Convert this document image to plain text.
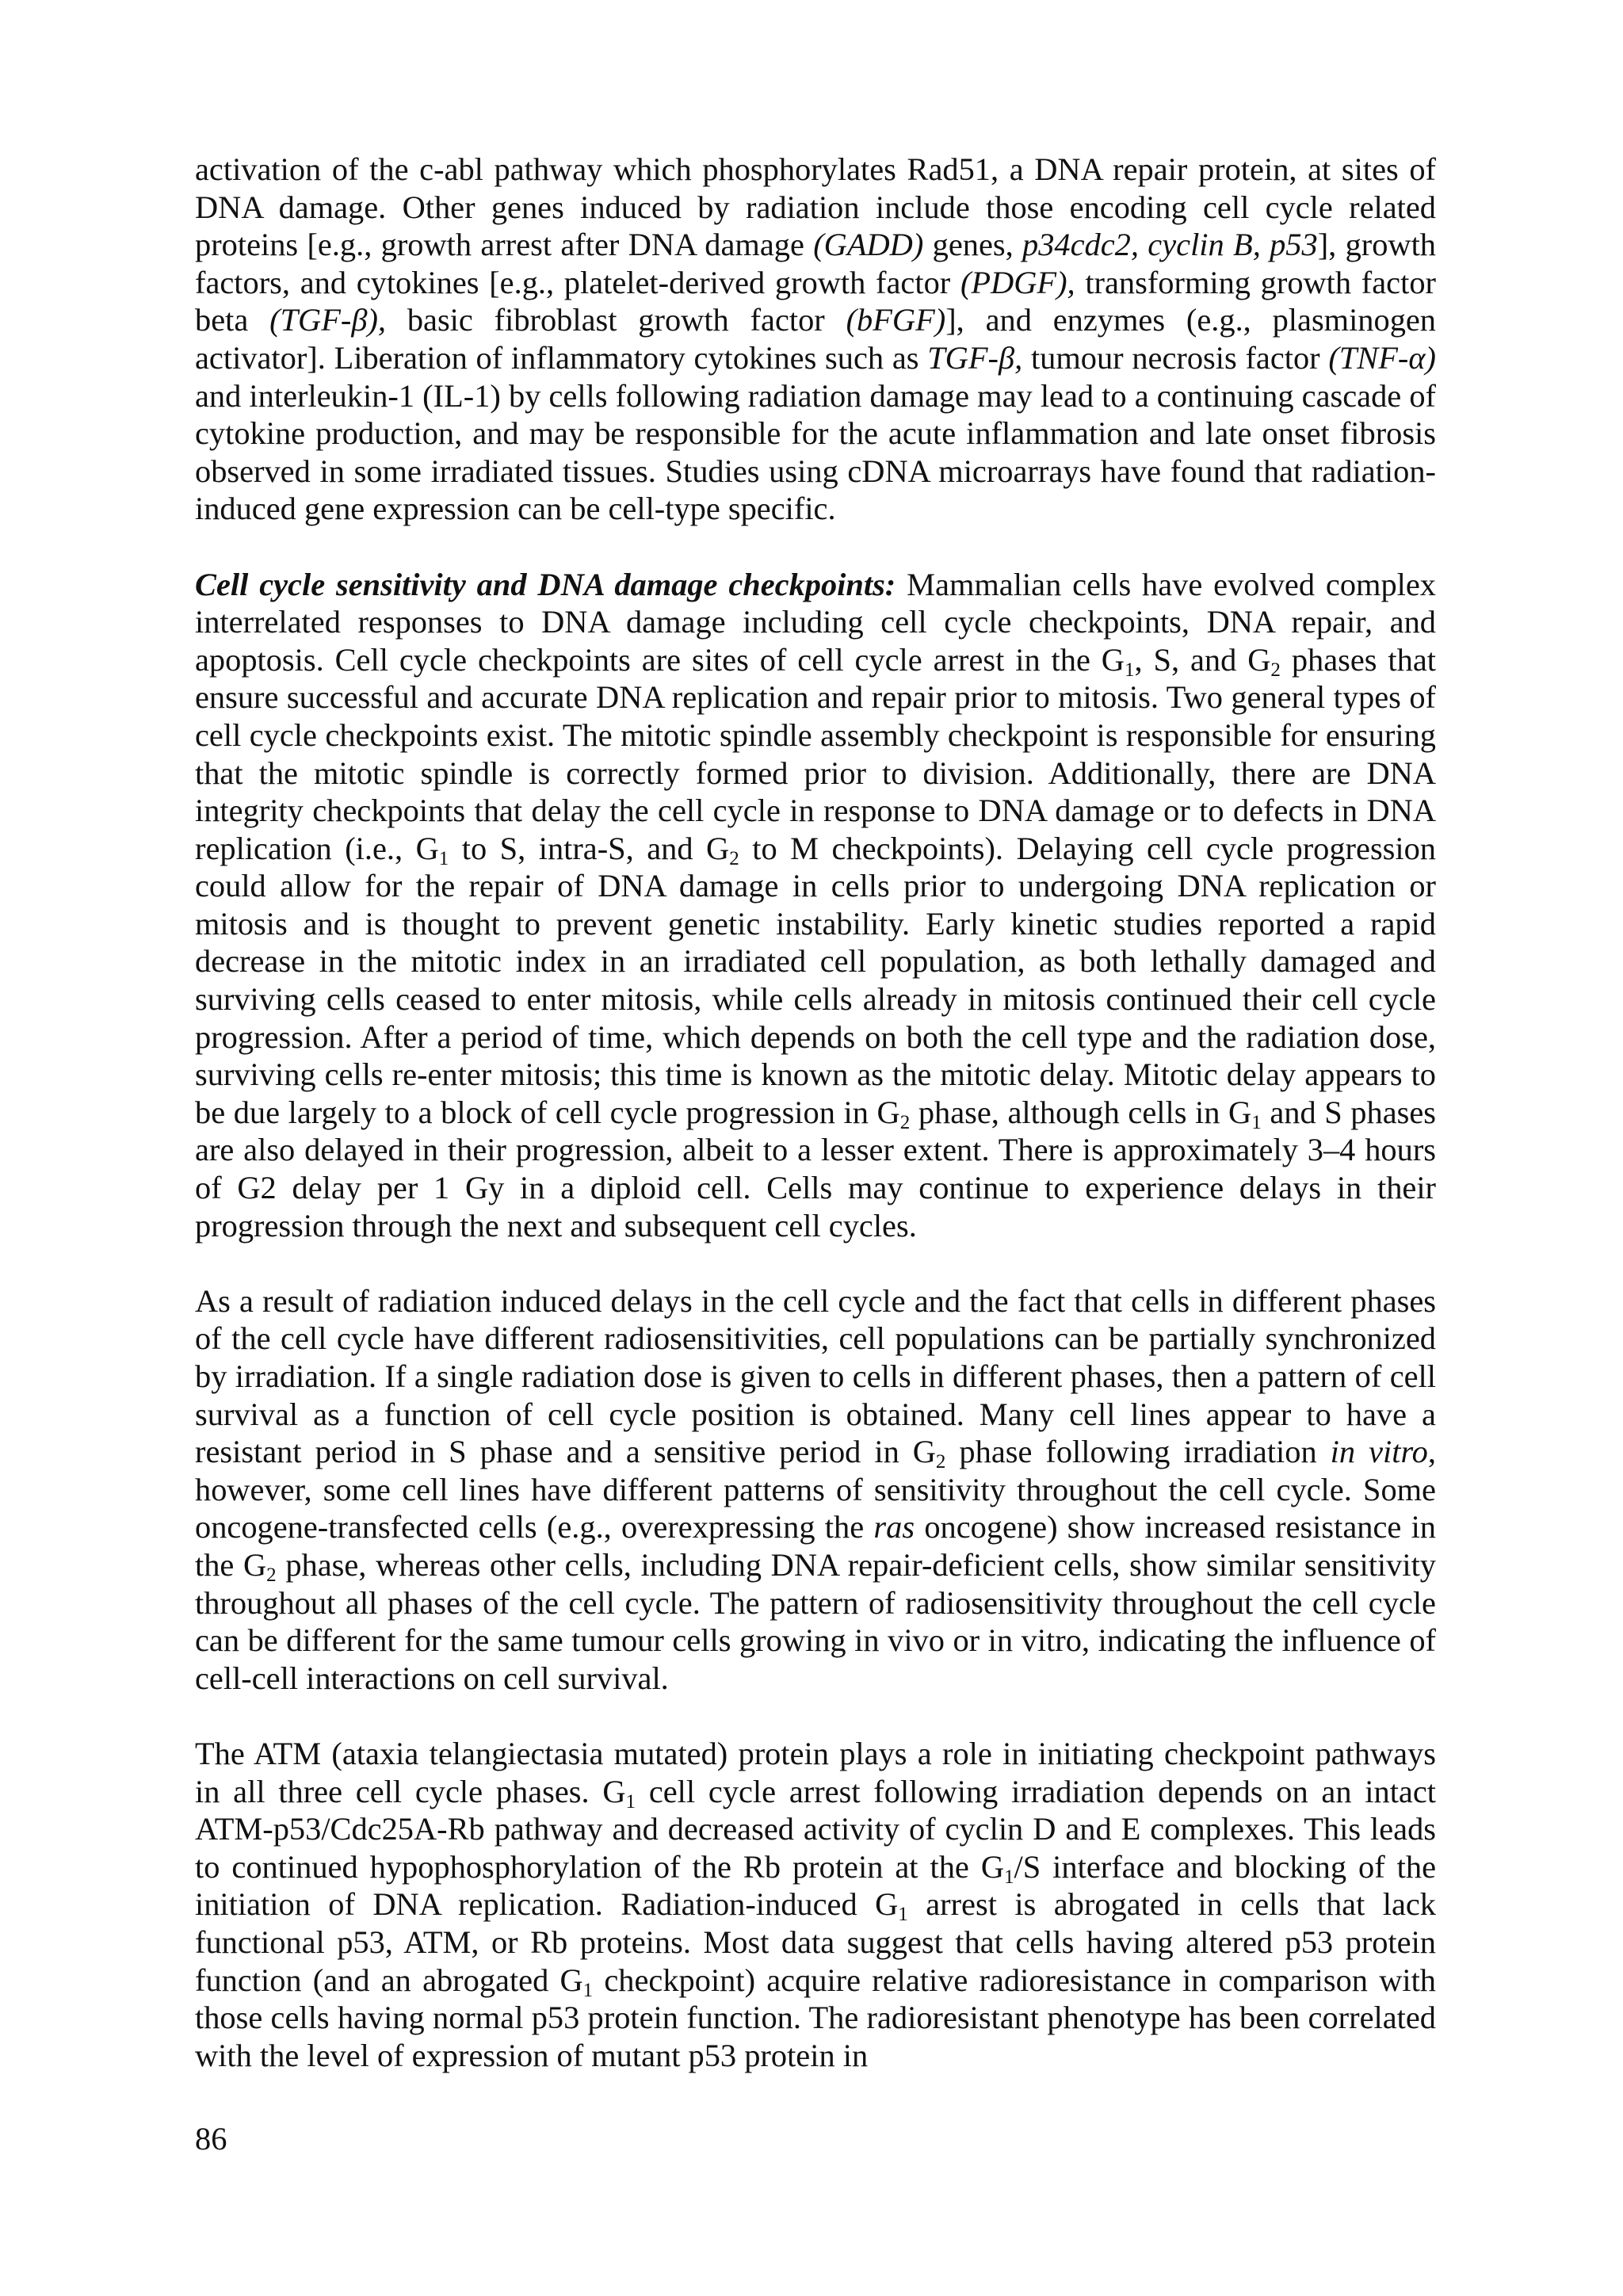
activation of the c-abl pathway which phosphorylates Rad51, a DNA repair protein, at sites of DNA damage. Other genes induced by radiation include those encoding cell cycle related proteins [e.g., growth arrest after DNA damage (GADD) genes, p34cdc2, cyclin B, p53], growth factors, and cytokines [e.g., platelet-derived growth factor (PDGF), transforming growth factor beta (TGF-β), basic fibroblast growth factor (bFGF)], and enzymes (e.g., plasminogen activator]. Liberation of inflammatory cytokines such as TGF-β, tumour necrosis factor (TNF-α) and interleukin-1 (IL-1) by cells following radiation damage may lead to a continuing cascade of cytokine production, and may be responsible for the acute inflammation and late onset fibrosis observed in some irradiated tissues. Studies using cDNA microarrays have found that radiation-induced gene expression can be cell-type specific.

Cell cycle sensitivity and DNA damage checkpoints: Mammalian cells have evolved complex interrelated responses to DNA damage including cell cycle checkpoints, DNA repair, and apoptosis. Cell cycle checkpoints are sites of cell cycle arrest in the $G_1$, S, and $G_2$ phases that ensure successful and accurate DNA replication and repair prior to mitosis. Two general types of cell cycle checkpoints exist. The mitotic spindle assembly checkpoint is responsible for ensuring that the mitotic spindle is correctly formed prior to division. Additionally, there are DNA integrity checkpoints that delay the cell cycle in response to DNA damage or to defects in DNA replication (i.e., $G_1$ to S, intra-S, and $G_2$ to M checkpoints). Delaying cell cycle progression could allow for the repair of DNA damage in cells prior to undergoing DNA replication or mitosis and is thought to prevent genetic instability. Early kinetic studies reported a rapid decrease in the mitotic index in an irradiated cell population, as both lethally damaged and surviving cells ceased to enter mitosis, while cells already in mitosis continued their cell cycle progression. After a period of time, which depends on both the cell type and the radiation dose, surviving cells re-enter mitosis; this time is known as the mitotic delay. Mitotic delay appears to be due largely to a block of cell cycle progression in $G_2$ phase, although cells in $G_1$ and S phases are also delayed in their progression, albeit to a lesser extent. There is approximately 3–4 hours of G2 delay per 1 Gy in a diploid cell. Cells may continue to experience delays in their progression through the next and subsequent cell cycles.

As a result of radiation induced delays in the cell cycle and the fact that cells in different phases of the cell cycle have different radiosensitivities, cell populations can be partially synchronized by irradiation. If a single radiation dose is given to cells in different phases, then a pattern of cell survival as a function of cell cycle position is obtained. Many cell lines appear to have a resistant period in S phase and a sensitive period in $G_2$ phase following irradiation in vitro, however, some cell lines have different patterns of sensitivity throughout the cell cycle. Some oncogene-transfected cells (e.g., overexpressing the ras oncogene) show increased resistance in the $G_2$ phase, whereas other cells, including DNA repair-deficient cells, show similar sensitivity throughout all phases of the cell cycle. The pattern of radiosensitivity throughout the cell cycle can be different for the same tumour cells growing in vivo or in vitro, indicating the influence of cell-cell interactions on cell survival.

The ATM (ataxia telangiectasia mutated) protein plays a role in initiating checkpoint pathways in all three cell cycle phases. $G_1$ cell cycle arrest following irradiation depends on an intact ATM-p53/Cdc25A-Rb pathway and decreased activity of cyclin D and E complexes. This leads to continued hypophosphorylation of the Rb protein at the $G_1/S$ interface and blocking of the initiation of DNA replication. Radiation-induced $G_1$ arrest is abrogated in cells that lack functional p53, ATM, or Rb proteins. Most data suggest that cells having altered p53 protein function (and an abrogated $G_1$ checkpoint) acquire relative radioresistance in comparison with those cells having normal p53 protein function. The radioresistant phenotype has been correlated with the level of expression of mutant p53 protein in

86
